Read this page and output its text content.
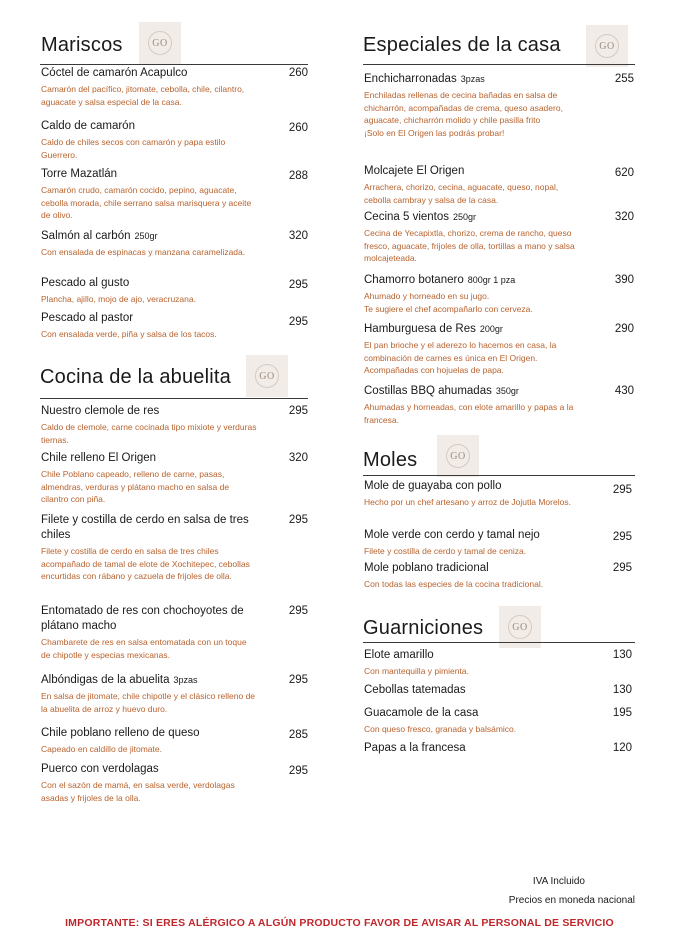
Mariscos	GO
Cóctel de camarón Acapulco
Camarón del pacífico, jitomate, cebolla, chile, cilantro, aguacate y salsa especial de la casa.
260
Caldo de camarón
Caldo de chiles secos con camarón y papa estilo Guerrero.
260
Torre Mazatlán
Camarón crudo, camarón cocido, pepino, aguacate, cebolla morada, chile serrano salsa marisquera y aceite de olivo.
288
Salmón al carbón 250gr
Con ensalada de espinacas y manzana caramelizada.
320
Pescado al gusto
Plancha, ajillo, mojo de ajo, veracruzana.
295
Pescado al pastor
Con ensalada verde, piña y salsa de los tacos.
295
Cocina de la abuelita	GO
Nuestro clemole de res
Caldo de clemole, carne cocinada tipo mixiote y verduras tiernas.
295
Chile relleno El Origen
Chile Poblano capeado, relleno de carne, pasas, almendras, verduras y plátano macho en salsa de cilantro con piña.
320
Filete y costilla de cerdo en salsa de tres chiles
Filete y costilla de cerdo en salsa de tres chiles acompañado de tamal de elote de Xochitepec, cebollas encurtidas con rábano y cazuela de frijoles de olla.
295
Entomatado de res con chochoyotes de plátano macho
Chambarete de res en salsa entomatada con un toque de chipotle y especias mexicanas.
295
Albóndigas de la abuelita 3pzas
En salsa de jitomate, chile chipotle y el clásico relleno de la abuelita de arroz y huevo duro.
295
Chile poblano relleno de queso
Capeado en caldillo de jitomate.
285
Puerco con verdolagas
Con el sazón de mamá, en salsa verde, verdolagas asadas y frijoles de la olla.
295
Especiales de la casa	GO
Enchicharronadas 3pzas
Enchiladas rellenas de cecina bañadas en salsa de chicharrón, acompañadas de crema, queso asadero, aguacate, chicharrón molido y chile pasilla frito
¡Solo en El Origen las podrás probar!
255
Molcajete El Origen
Arrachera, chorizo, cecina, aguacate, queso, nopal, cebolla cambray y salsa de la casa.
620
Cecina 5 vientos 250gr
Cecina de Yecapixtla, chorizo, crema de rancho, queso fresco, aguacate, frijoles de olla, tortillas a mano y salsa molcajeteada.
320
Chamorro botanero 800gr 1 pza
Ahumado y horneado en su jugo.
Te sugiere el chef acompañarlo con cerveza.
390
Hamburguesa de Res 200gr
El pan brioche y el aderezo lo hacemos en casa, la combinación de carnes es única en El Origen. Acompañadas con hojuelas de papa.
290
Costillas BBQ ahumadas 350gr
Ahumadas y horneadas, con elote amarillo y papas a la francesa.
430
Moles	GO
Mole de guayaba con pollo
Hecho por un chef artesano y arroz de Jojutla Morelos.
295
Mole verde con cerdo y tamal nejo
Filete y costilla de cerdo y tamal de ceniza.
295
Mole poblano tradicional
Con todas las especies de la cocina tradicional.
295
Guarniciones	GO
Elote amarillo
Con mantequilla y pimienta.
130
Cebollas tatemadas	130
Guacamole de la casa
Con queso fresco, granada y balsámico.
195
Papas a la francesa	120
IVA Incluido
Precios en moneda nacional
IMPORTANTE: SI ERES ALÉRGICO A ALGÚN PRODUCTO FAVOR DE AVISAR AL PERSONAL DE SERVICIO
